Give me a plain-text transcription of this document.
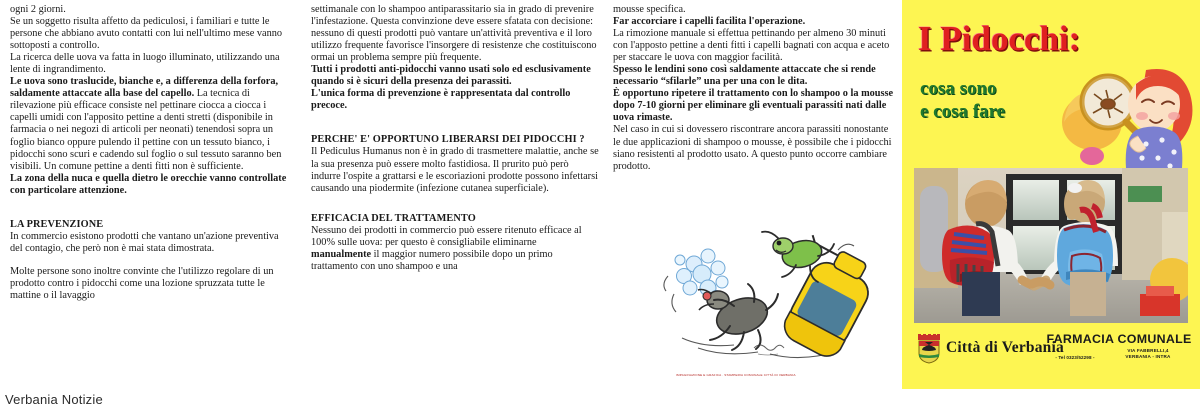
ogni 2 giorni.

Se un soggetto risulta affetto da pediculosi, i familiari e tutte le persone che abbiano avuto contatti con lui nell'ultimo mese vanno sottoposti a controllo.

La ricerca delle uova va fatta in luogo illuminato, utilizzando una lente di ingrandimento.

Le uova sono traslucide, bianche e, a differenza della forfora, saldamente attaccate alla base del capello. La tecnica di rilevazione più efficace consiste nel pettinare ciocca a ciocca i capelli umidi con l'apposito pettine a denti stretti (disponibile in farmacia o nei negozi di articoli per neonati) tenendosi sopra un foglio bianco oppure pulendo il pettine con un tessuto bianco, i pidocchi sono scuri e cadendo sul foglio o sul tessuto saranno ben visibili. Un comune pettine a denti fitti non è sufficiente.

La zona della nuca e quella dietro le orecchie vanno controllate con particolare attenzione.

LA PREVENZIONE

In commercio esistono prodotti che vantano un'azione preventiva del contagio, che però non è mai stata dimostrata.

Molte persone sono inoltre convinte che l'utilizzo regolare di un prodotto contro i pidocchi come una lozione spruzzata tutte le mattine o il lavaggio

settimanale con lo shampoo antiparassitario sia in grado di prevenire l'infestazione. Questa convinzione deve essere sfatata con decisione: nessuno di questi prodotti può vantare un'attività preventiva e il loro utilizzo frequente favorisce l'insorgere di resistenze che costituiscono ormai un problema sempre più frequente.

Tutti i prodotti anti-pidocchi vanno usati solo ed esclusivamente quando si è sicuri della presenza dei parassiti.

L'unica forma di prevenzione è rappresentata dal controllo precoce.

PERCHE' E' OPPORTUNO LIBERARSI DEI PIDOCCHI ?

Il Pediculus Humanus non è in grado di trasmettere malattie, anche se la sua presenza può essere molto fastidiosa. Il prurito può però indurre l'ospite a grattarsi e le escoriazioni prodotte possono infettarsi causando una piodermite (infezione cutanea superficiale).

EFFICACIA DEL TRATTAMENTO

Nessuno dei prodotti in commercio può essere ritenuto efficace al 100% sulle uova: per questo è consigliabile eliminarne manualmente il maggior numero possibile dopo un primo trattamento con uno shampoo e una

mousse specifica.

Far accorciare i capelli facilita l'operazione.

La rimozione manuale si effettua pettinando per almeno 30 minuti con l'apposto pettine a denti fitti i capelli bagnati con acqua e aceto per staccare le uova con maggior facilità.

Spesso le lendini sono così saldamente attaccate che si rende necessario “sfilarle” una per una con le dita.

È opportuno ripetere il trattamento con lo shampoo o la mousse dopo 7-10 giorni per eliminare gli eventuali parassiti nati dalle uova rimaste.

Nel caso in cui si dovessero riscontrare ancora parassiti nonostante le due applicazioni di shampoo o mousse, è possibile che i pidocchi siano resistenti al prodotto usato. A questo punto occorre cambiare prodotto.

IMPAGINAZIONE E GRAFICA . STAMPERIA COMUNALE CITTÀ DI VERBANIA
I Pidocchi:
cosa sono
e cosa fare
Città di Verbania
FARMACIA COMUNALE
- Tel 0323/52298 -
VIA FABBRELLI,4
VERBANIA - INTRA
Verbania Notizie
